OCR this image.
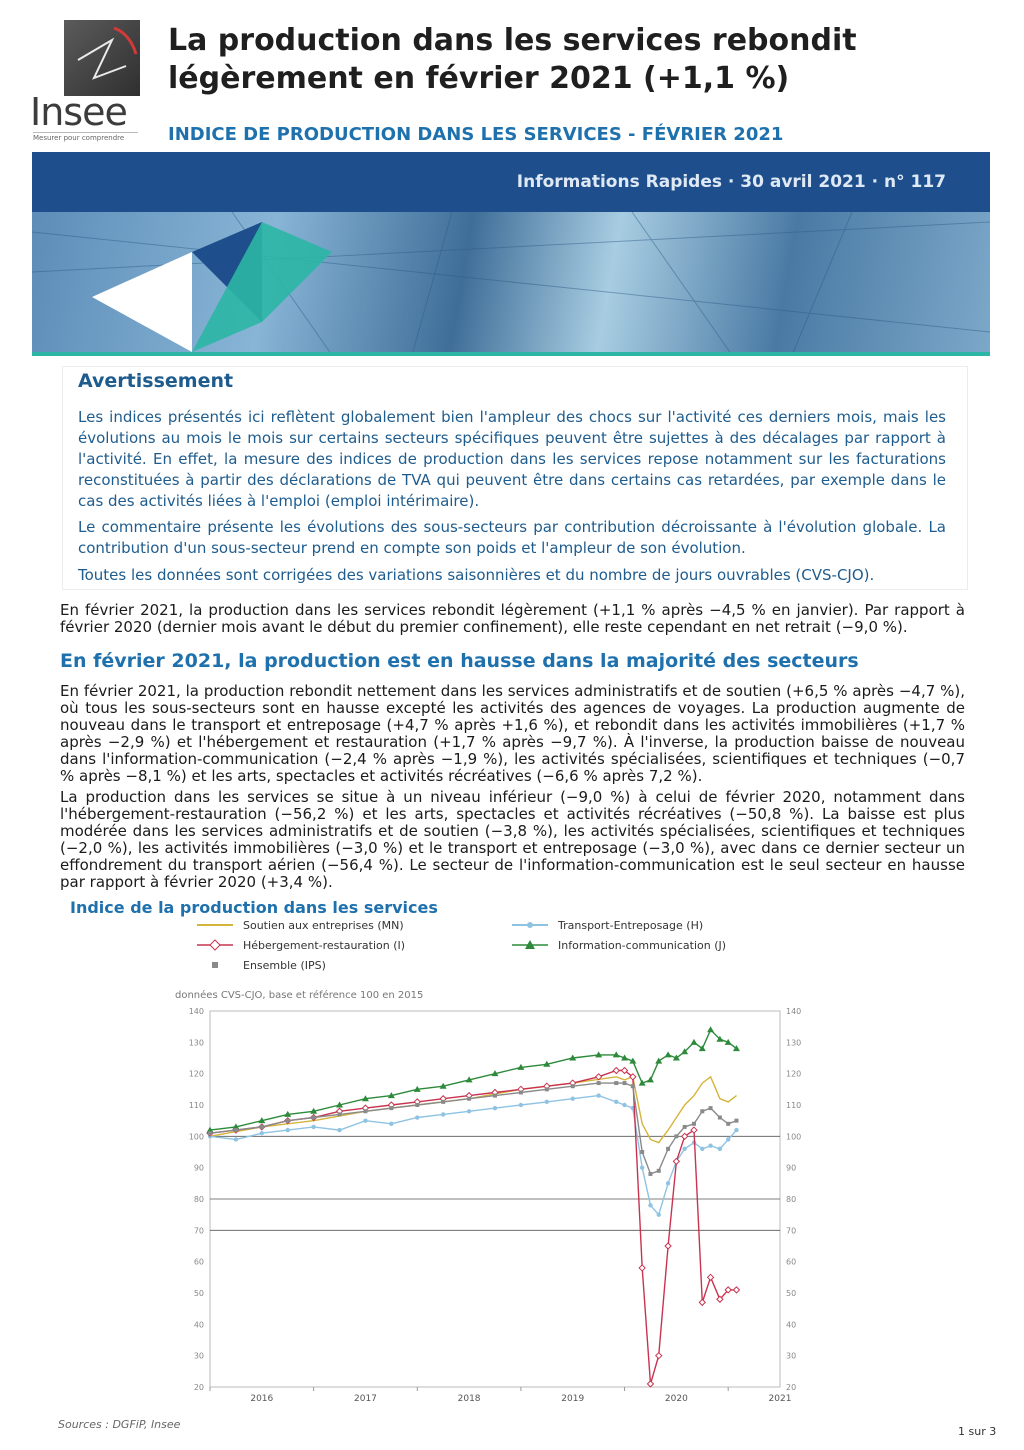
Insee
Mesurer pour comprendre
La production dans les services rebondit
légèrement en février 2021 (+1,1 %)
INDICE DE PRODUCTION DANS LES SERVICES - FÉVRIER 2021
Informations Rapides · 30 avril 2021 · n° 117
Avertissement

Les indices présentés ici reflètent globalement bien l'ampleur des chocs sur l'activité ces derniers mois, mais les évolutions au mois le mois sur certains secteurs spécifiques peuvent être sujettes à des décalages par rapport à l'activité. En effet, la mesure des indices de production dans les services repose notamment sur les facturations reconstituées à partir des déclarations de TVA qui peuvent être dans certains cas retardées, par exemple dans le cas des activités liées à l'emploi (emploi intérimaire).

Le commentaire présente les évolutions des sous-secteurs par contribution décroissante à l'évolution globale. La contribution d'un sous-secteur prend en compte son poids et l'ampleur de son évolution.

Toutes les données sont corrigées des variations saisonnières et du nombre de jours ouvrables (CVS-CJO).

En février 2021, la production dans les services rebondit légèrement (+1,1 % après −4,5 % en janvier). Par rapport à février 2020 (dernier mois avant le début du premier confinement), elle reste cependant en net retrait (−9,0 %).

En février 2021, la production est en hausse dans la majorité des secteurs

En février 2021, la production rebondit nettement dans les services administratifs et de soutien (+6,5 % après −4,7 %), où tous les sous-secteurs sont en hausse excepté les activités des agences de voyages. La production augmente de nouveau dans le transport et entreposage (+4,7 % après +1,6 %), et rebondit dans les activités immobilières (+1,7 % après −2,9 %) et l'hébergement et restauration (+1,7 % après −9,7 %). À l'inverse, la production baisse de nouveau dans l'information-communication (−2,4 % après −1,9 %), les activités spécialisées, scientifiques et techniques (−0,7 % après −8,1 %) et les arts, spectacles et activités récréatives (−6,6 % après 7,2 %).

La production dans les services se situe à un niveau inférieur (−9,0 %) à celui de février 2020, notamment dans l'hébergement-restauration (−56,2 %) et les arts, spectacles et activités récréatives (−50,8 %). La baisse est plus modérée dans les services administratifs et de soutien (−3,8 %), les activités spécialisées, scientifiques et techniques (−2,0 %), les activités immobilières (−3,0 %) et le transport et entreposage (−3,0 %), avec dans ce dernier secteur un effondrement du transport aérien (−56,4 %). Le secteur de l'information-communication est le seul secteur en hausse par rapport à février 2020 (+3,4 %).

Indice de la production dans les services
Soutien aux entreprises (MN)
Hébergement-restauration (I)
Ensemble (IPS)
Transport-Entreposage (H)
Information-communication (J)
données CVS-CJO, base et référence 100 en 2015
20	20
30	30
40	40
50	50
60	60
70	70
80	80
90	90
100	100
110	110
120	120
130	130
140	140
2016	2017	2018	2019	2020	2021
Sources : DGFiP, Insee
1 sur 3
